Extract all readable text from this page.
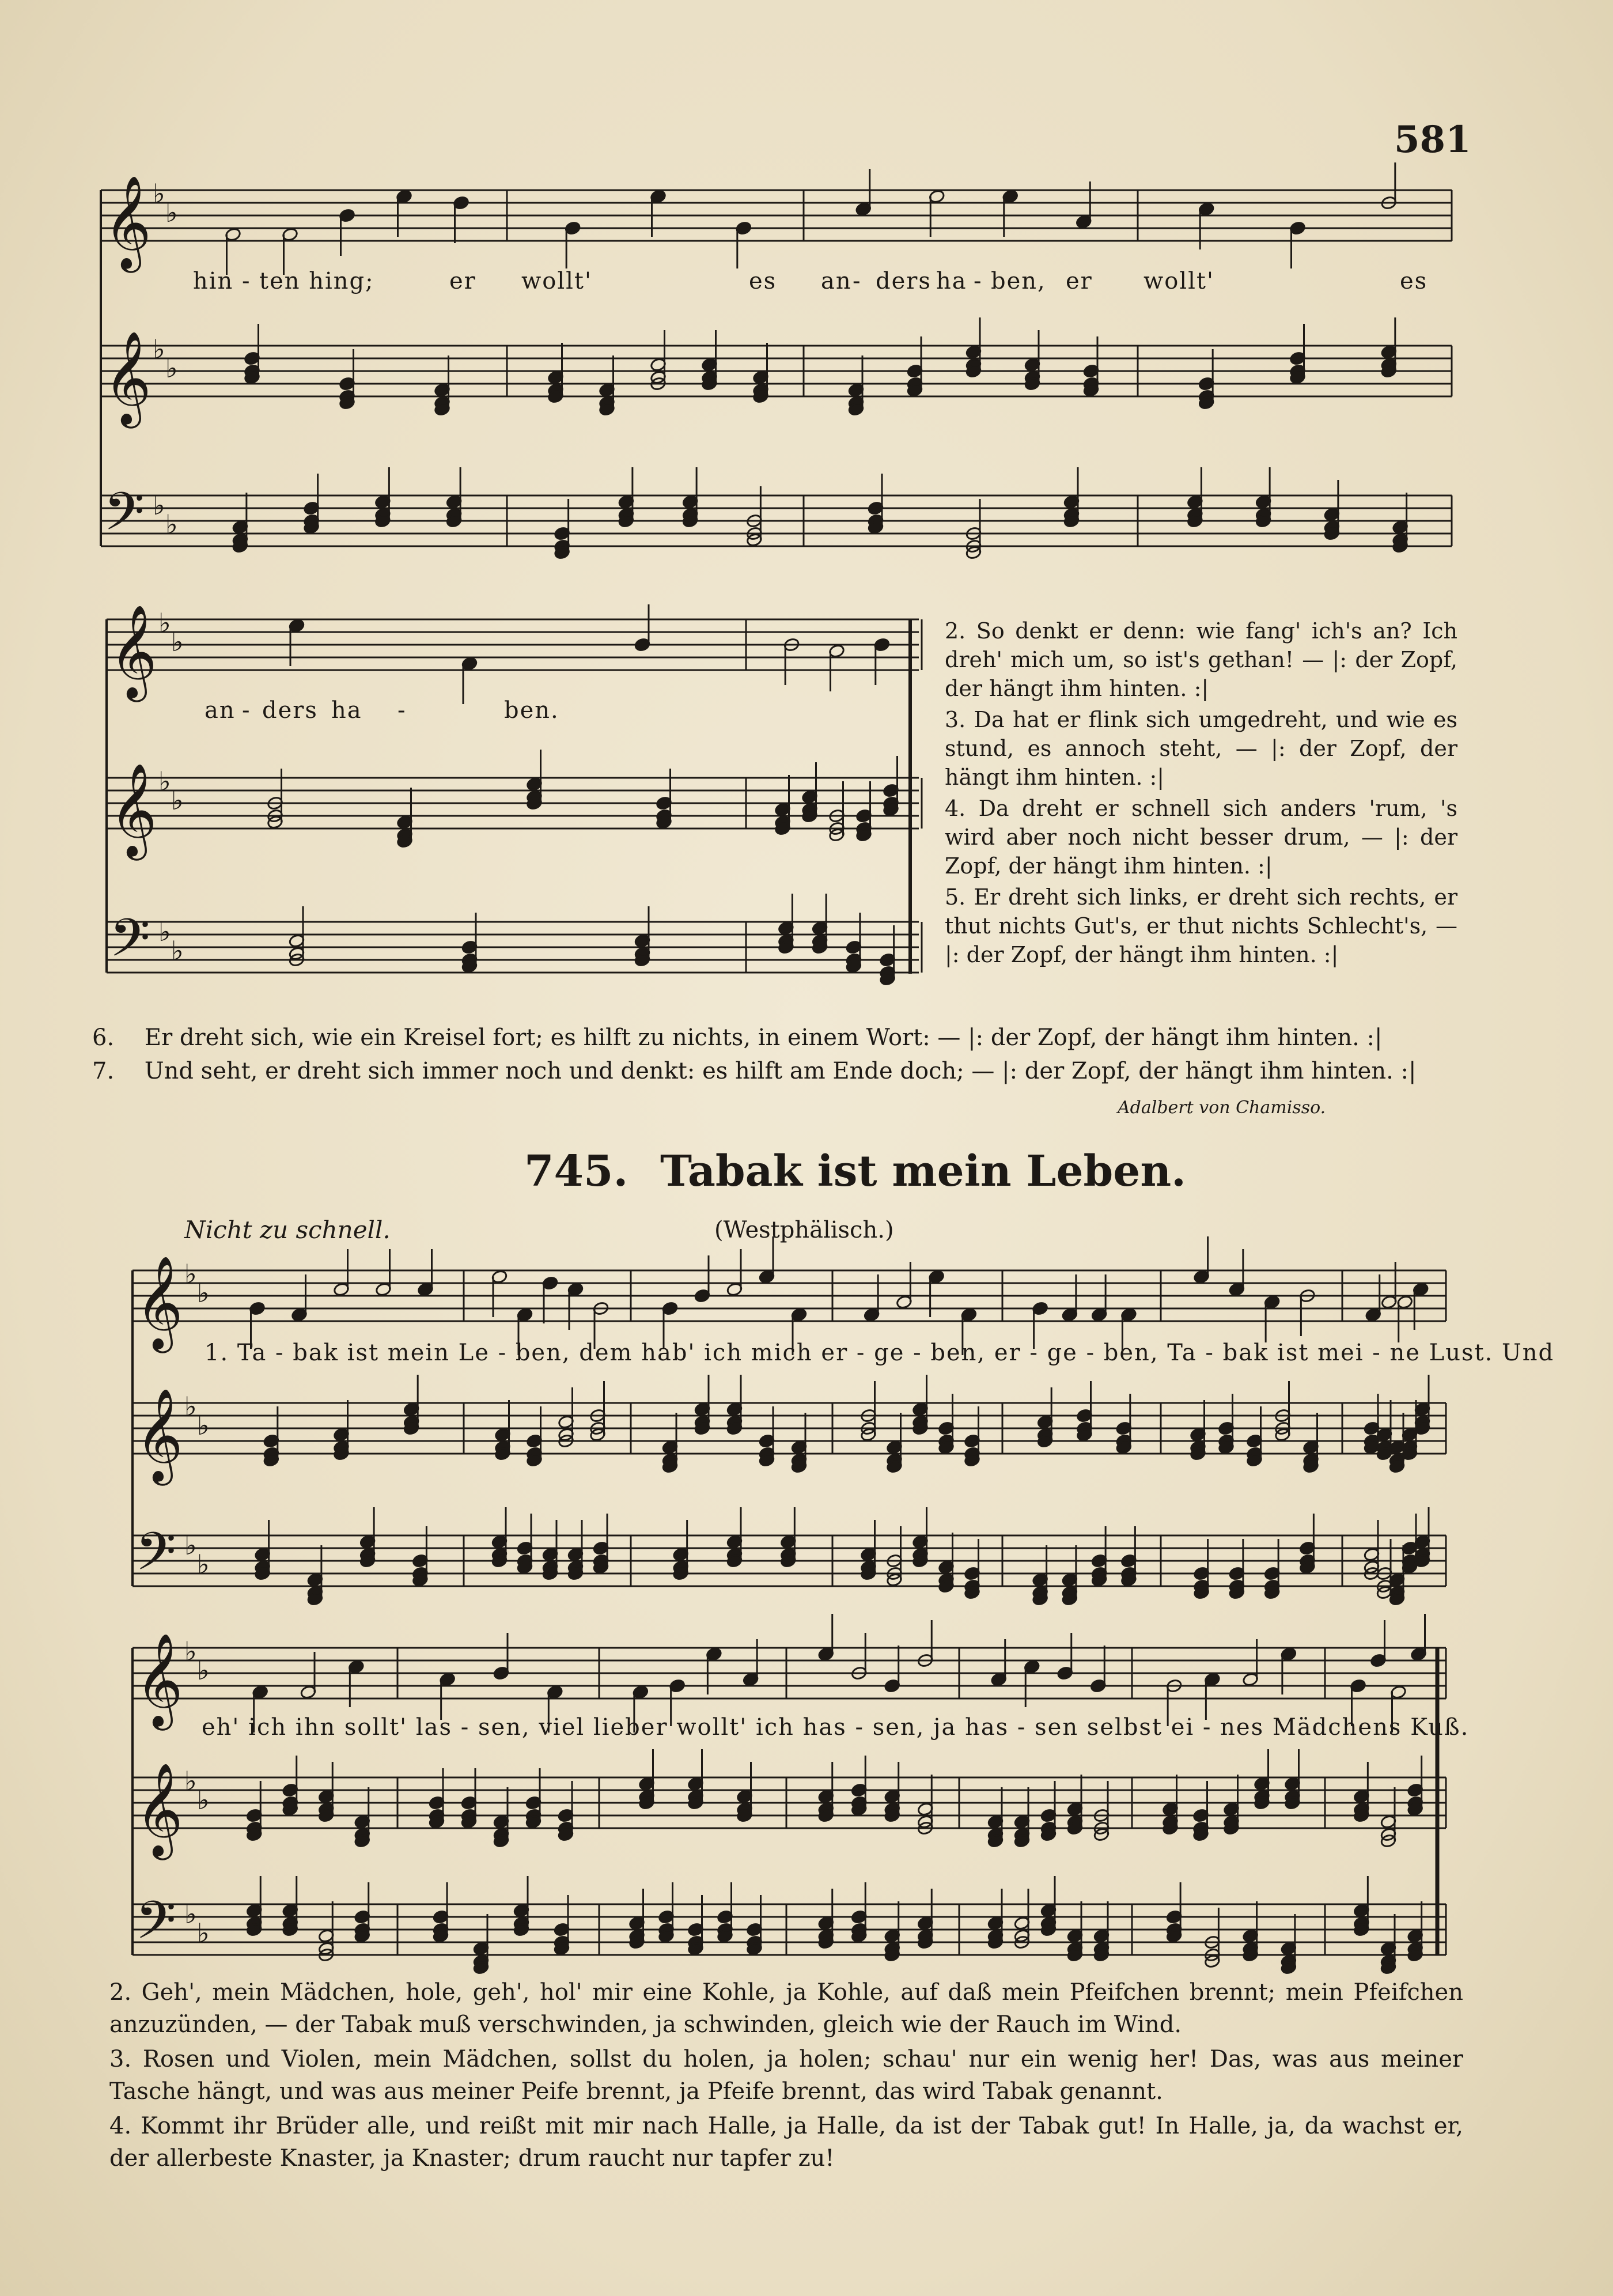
581
𝄞 ♭
♭
𝄞 ♭
♭
𝄢 ♭
♭
𝄞 ♭
♭
𝄞 ♭
♭
𝄢 ♭
♭
𝄞 ♭
♭
𝄞 ♭
♭
𝄢 ♭
♭
𝄞 ♭
♭
𝄞 ♭
♭
𝄢 ♭
♭
hin - ten hing;	er wollt'	es an - ders ha - ben, er wollt'	es
an - ders ha -	ben.

2. So denkt er denn: wie fang' ich's an? Ich dreh' mich um, so ist's gethan! — |: der Zopf, der hängt ihm hinten. :|

3. Da hat er flink sich umgedreht, und wie es stund, es annoch steht, — |: der Zopf, der hängt ihm hinten. :|

4. Da dreht er schnell sich anders 'rum, 's wird aber noch nicht besser drum, — |: der Zopf, der hängt ihm hinten. :|

5. Er dreht sich links, er dreht sich rechts, er thut nichts Gut's, er thut nichts Schlecht's, — |: der Zopf, der hängt ihm hinten. :|

6. Er dreht sich, wie ein Kreisel fort; es hilft zu nichts, in einem Wort: — |: der Zopf, der hängt ihm hinten. :|
7. Und seht, er dreht sich immer noch und denkt: es hilft am Ende doch; — |: der Zopf, der hängt ihm hinten. :|
Adalbert von Chamisso.
745. Tabak ist mein Leben.
Nicht zu schnell.	(Westphälisch.)
1. Ta - bak ist mein Le - ben, dem hab' ich mich er - ge - ben, er - ge - ben, Ta - bak ist mei - ne Lust. Und
eh' ich ihn sollt' las - sen, viel lieber wollt' ich has - sen, ja has - sen selbst ei - nes Mädchens Kuß.

2. Geh', mein Mädchen, hole, geh', hol' mir eine Kohle, ja Kohle, auf daß mein Pfeifchen brennt; mein Pfeifchen anzuzünden, — der Tabak muß verschwinden, ja schwinden, gleich wie der Rauch im Wind.

3. Rosen und Violen, mein Mädchen, sollst du holen, ja holen; schau' nur ein wenig her! Das, was aus meiner Tasche hängt, und was aus meiner Peife brennt, ja Pfeife brennt, das wird Tabak genannt.

4. Kommt ihr Brüder alle, und reißt mit mir nach Halle, ja Halle, da ist der Tabak gut! In Halle, ja, da wachst er, der allerbeste Knaster, ja Knaster; drum raucht nur tapfer zu!
